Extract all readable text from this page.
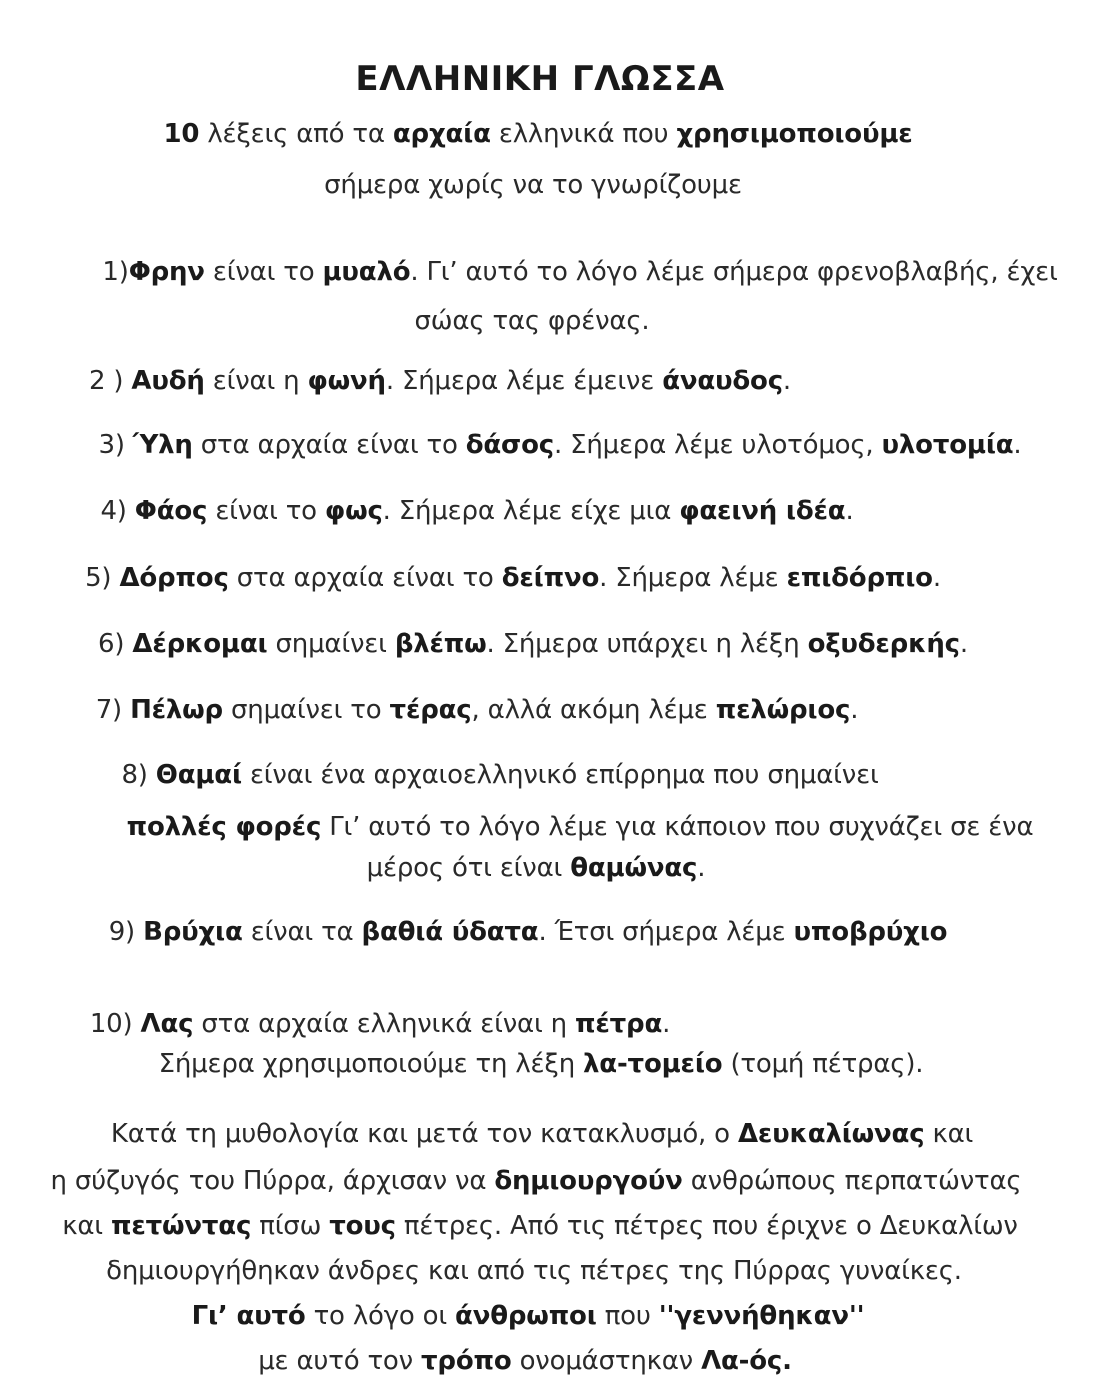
ΕΛΛΗΝΙΚΗ ΓΛΩΣΣΑ
10 λέξεις από τα αρχαία ελληνικά που χρησιμοποιούμε
σήμερα χωρίς να το γνωρίζουμε
1)Φρην είναι το μυαλό. Γι’ αυτό το λόγο λέμε σήμερα φρενοβλαβής, έχει
σώας τας φρένας.
2 ) Αυδή είναι η φωνή. Σήμερα λέμε έμεινε άναυδος.
3) Ύλη στα αρχαία είναι το δάσος. Σήμερα λέμε υλοτόμος, υλοτομία.
4) Φάος είναι το φως. Σήμερα λέμε είχε μια φαεινή ιδέα.
5) Δόρπος στα αρχαία είναι το δείπνο. Σήμερα λέμε επιδόρπιο.
6) Δέρκομαι σημαίνει βλέπω. Σήμερα υπάρχει η λέξη οξυδερκής.
7) Πέλωρ σημαίνει το τέρας, αλλά ακόμη λέμε πελώριος.
8) Θαμαί είναι ένα αρχαιοελληνικό επίρρημα που σημαίνει
πολλές φορές Γι’ αυτό το λόγο λέμε για κάποιον που συχνάζει σε ένα
μέρος ότι είναι θαμώνας.
9) Βρύχια είναι τα βαθιά ύδατα. Έτσι σήμερα λέμε υποβρύχιο
10) Λας στα αρχαία ελληνικά είναι η πέτρα.
Σήμερα χρησιμοποιούμε τη λέξη λα-τομείο (τομή πέτρας).
Κατά τη μυθολογία και μετά τον κατακλυσμό, ο Δευκαλίωνας και
η σύζυγός του Πύρρα, άρχισαν να δημιουργούν ανθρώπους περπατώντας
και πετώντας πίσω τους πέτρες. Από τις πέτρες που έριχνε ο Δευκαλίων
δημιουργήθηκαν άνδρες και από τις πέτρες της Πύρρας γυναίκες.
Γι’ αυτό το λόγο οι άνθρωποι που ''γεννήθηκαν''
με αυτό τον τρόπο ονομάστηκαν Λα-ός.
